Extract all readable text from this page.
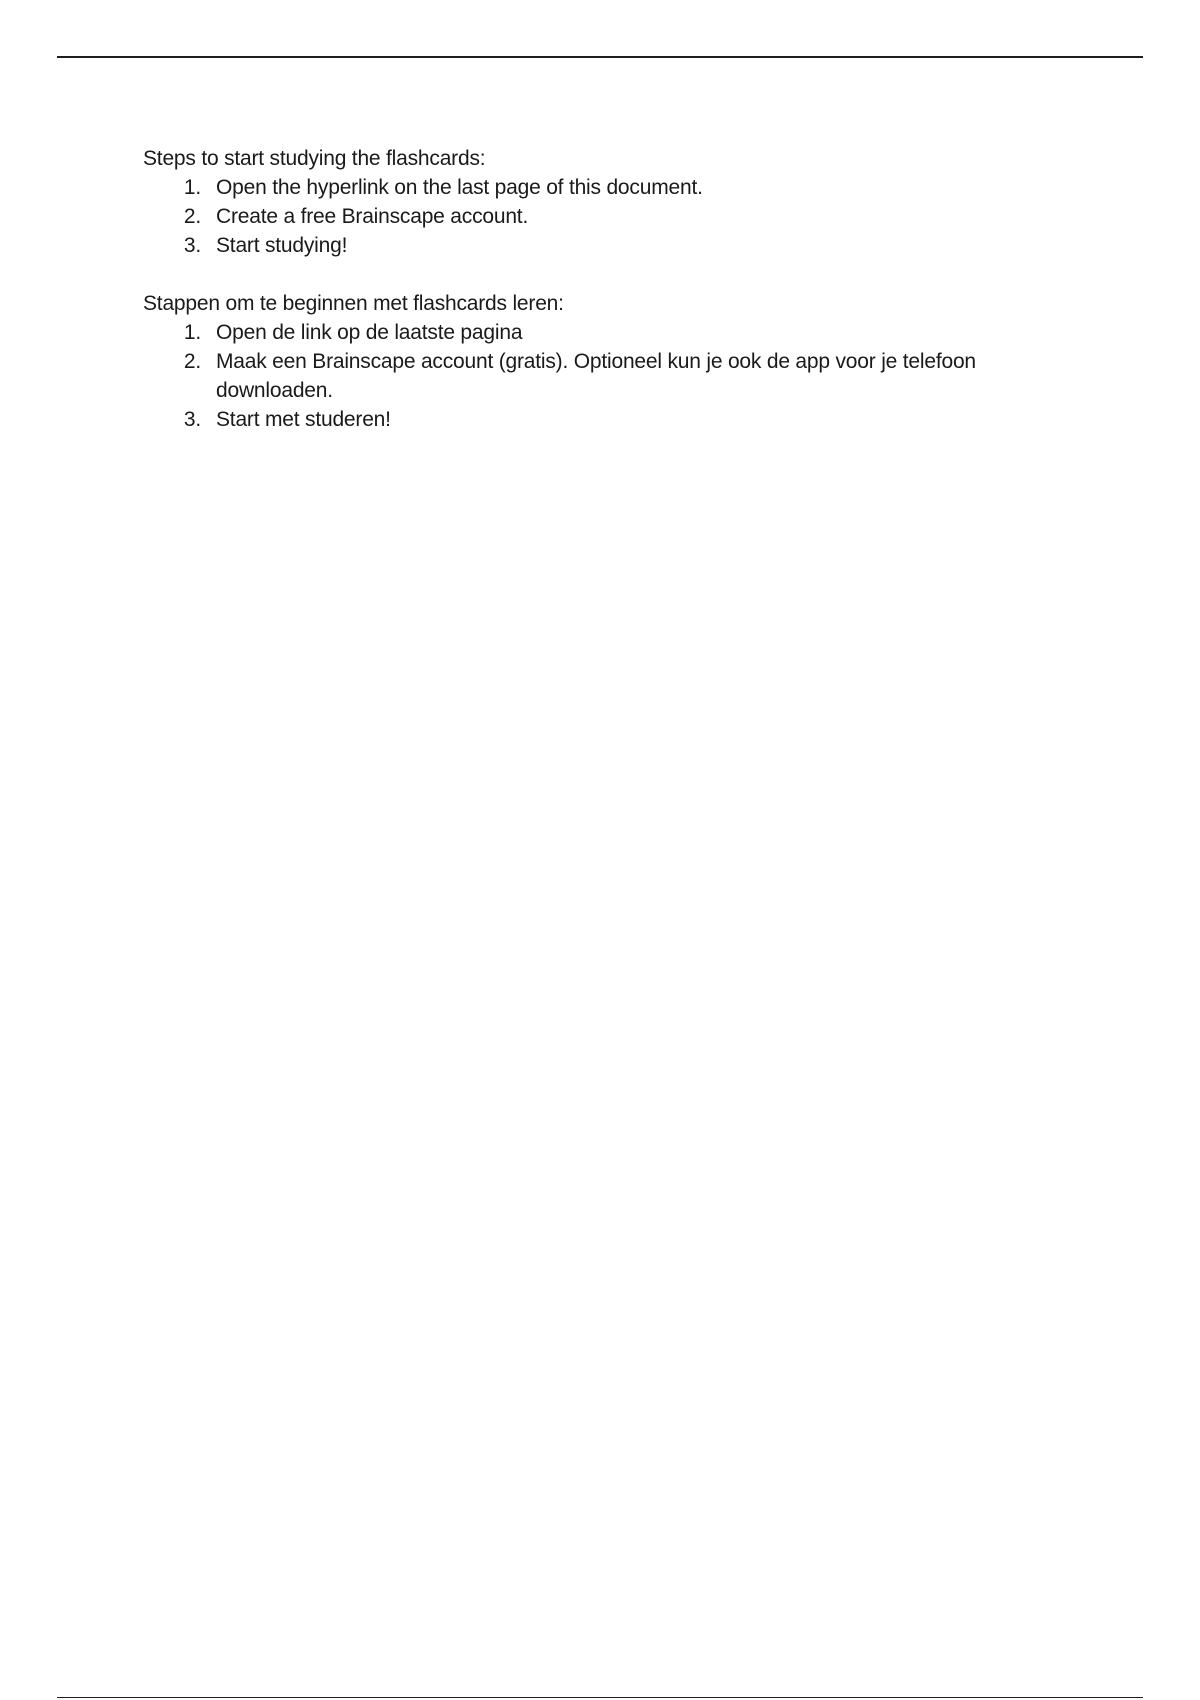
Steps to start studying the flashcards:

1. Open the hyperlink on the last page of this document.
2. Create a free Brainscape account.
3. Start studying!

Stappen om te beginnen met flashcards leren:

1. Open de link op de laatste pagina
2. Maak een Brainscape account (gratis). Optioneel kun je ook de app voor je telefoon downloaden.
3. Start met studeren!
